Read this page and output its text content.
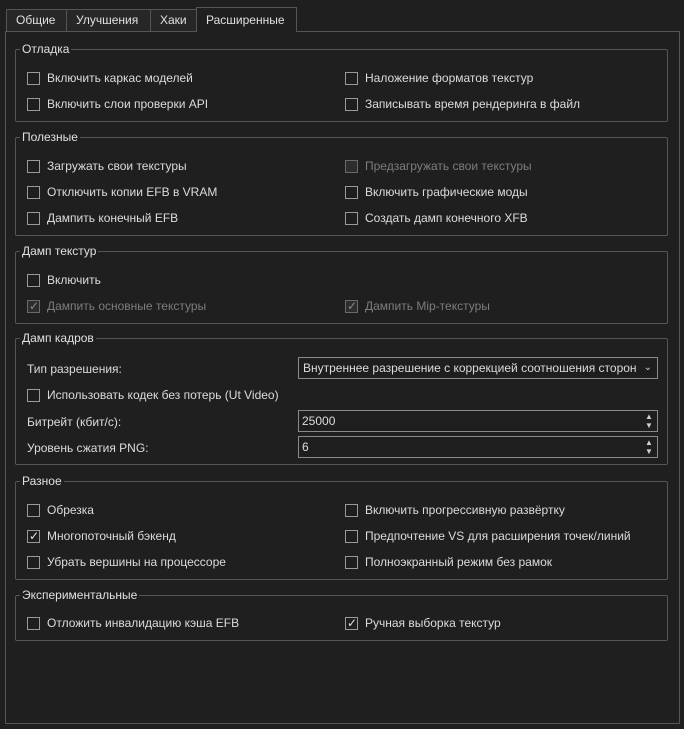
Общие	Улучшения	Хаки	Расширенные
Отладка
Включить каркас моделей
Включить слои проверки API
Наложение форматов текстур
Записывать время рендеринга в файл
Полезные
Загружать свои текстуры
Отключить копии EFB в VRAM
Дампить конечный EFB
Предзагружать свои текстуры
Включить графические моды
Создать дамп конечного XFB
Дамп текстур
Включить
✓ Дампить основные текстуры	✓ Дампить Mip-текстуры
Дамп кадров
Тип разрешения:	Внутреннее разрешение с коррекцией соотношения сторон ⌄
Использовать кодек без потерь (Ut Video)
Битрейт (кбит/с):	25000	▲
▼
Уровень сжатия PNG:	6	▲
▼
Разное
Обрезка
✓ Многопоточный бэкенд
Убрать вершины на процессоре
Включить прогрессивную развёртку
Предпочтение VS для расширения точек/линий
Полноэкранный режим без рамок
Экспериментальные
Отложить инвалидацию кэша EFB	✓ Ручная выборка текстур
